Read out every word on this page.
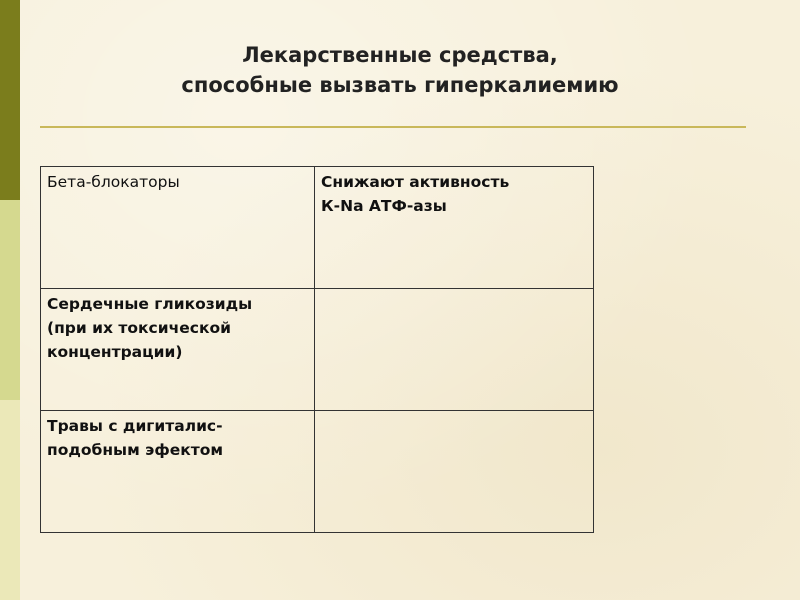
Лекарственные средства,
способные вызвать гиперкалиемию
Бета-блокаторы	Снижают активность
К-Na АТФ-азы

Сердечные гликозиды
(при их токсической
концентрации)	

Травы с дигиталис-
подобным эфектом	
